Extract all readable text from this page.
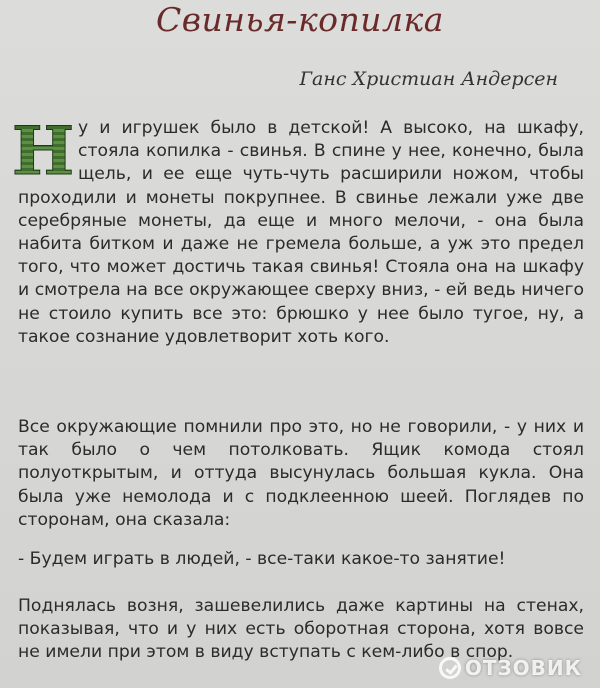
Свинья-копилка
Ганс Христиан Андерсен
Н у и игрушек было в детской! А высоко, на шкафу, стояла копилка - свинья. В спине у нее, конечно, была щель, и ее еще чуть-чуть расширили ножом, чтобы проходили и монеты покрупнее. В свинье лежали уже две серебряные монеты, да еще и много мелочи, - она была набита битком и даже не гремела больше, а уж это предел того, что может достичь такая свинья! Стояла она на шкафу и смотрела на все окружающее сверху вниз, - ей ведь ничего не стоило купить все это: брюшко у нее было тугое, ну, а такое сознание удовлетворит хоть кого.
Все окружающие помнили про это, но не говорили, - у них и так было о чем потолковать. Ящик комода стоял полуоткрытым, и оттуда высунулась большая кукла. Она была уже немолода и с подклеенною шеей. Поглядев по сторонам, она сказала:
- Будем играть в людей, - все-таки какое-то занятие!
Поднялась возня, зашевелились даже картины на стенах, показывая, что и у них есть оборотная сторона, хотя вовсе не имели при этом в виду вступать с кем-либо в спор.
ОТЗОВИК
